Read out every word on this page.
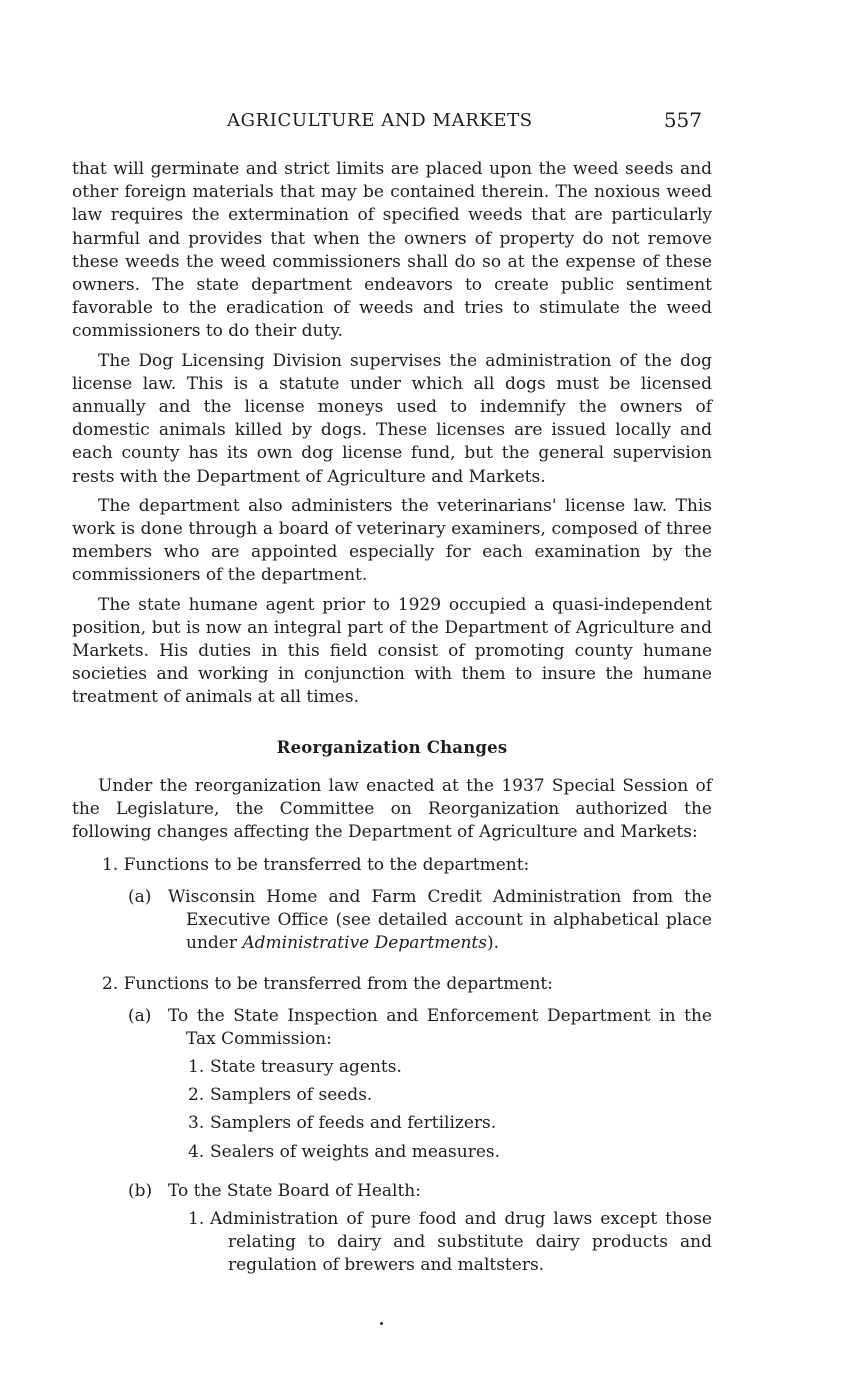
AGRICULTURE AND MARKETS	557

that will germinate and strict limits are placed upon the weed seeds and other foreign materials that may be contained therein. The noxious weed law requires the extermination of specified weeds that are particularly harmful and provides that when the owners of property do not remove these weeds the weed commissioners shall do so at the expense of these owners. The state department endeavors to create public sentiment favorable to the eradication of weeds and tries to stimulate the weed commissioners to do their duty.

The Dog Licensing Division supervises the administration of the dog license law. This is a statute under which all dogs must be licensed annually and the license moneys used to indemnify the owners of domestic animals killed by dogs. These licenses are issued locally and each county has its own dog license fund, but the general supervision rests with the Department of Agriculture and Markets.

The department also administers the veterinarians' license law. This work is done through a board of veterinary examiners, composed of three members who are appointed especially for each examination by the commissioners of the department.

The state humane agent prior to 1929 occupied a quasi-independent position, but is now an integral part of the Department of Agriculture and Markets. His duties in this field consist of promoting county humane societies and working in conjunction with them to insure the humane treatment of animals at all times.

Reorganization Changes

Under the reorganization law enacted at the 1937 Special Session of the Legislature, the Committee on Reorganization authorized the following changes affecting the Department of Agriculture and Markets:

1. Functions to be transferred to the department:
(a) Wisconsin Home and Farm Credit Administration from the Executive Office (see detailed account in alphabetical place under Administrative Departments).
2. Functions to be transferred from the department:
(a) To the State Inspection and Enforcement Department in the Tax Commission:
1. State treasury agents.
2. Samplers of seeds.
3. Samplers of feeds and fertilizers.
4. Sealers of weights and measures.
(b) To the State Board of Health:
1. Administration of pure food and drug laws except those relating to dairy and substitute dairy products and regulation of brewers and maltsters.
